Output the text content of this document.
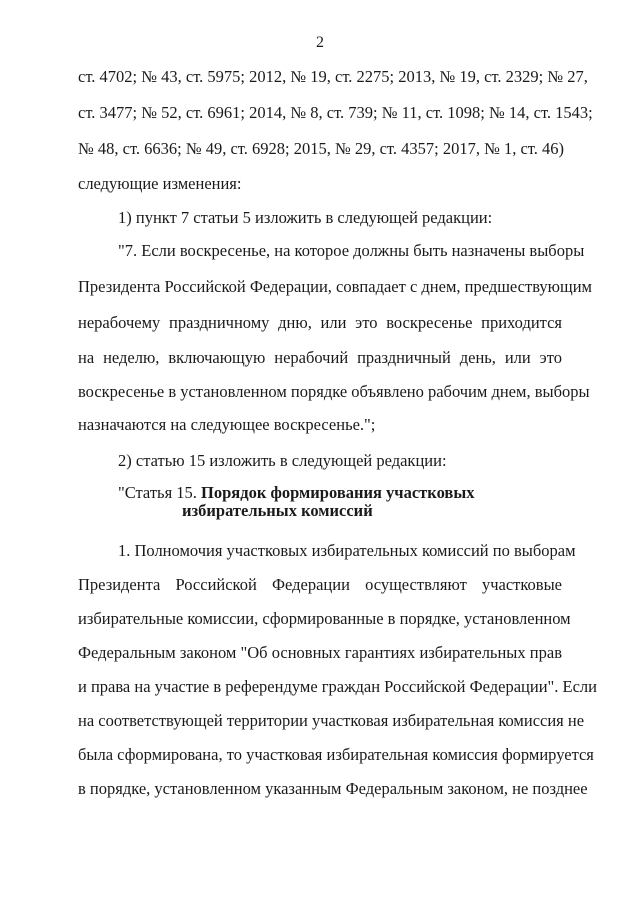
2
ст. 4702; № 43, ст. 5975; 2012, № 19, ст. 2275; 2013, № 19, ст. 2329; № 27,
ст. 3477; № 52, ст. 6961; 2014, № 8, ст. 739; № 11, ст. 1098; № 14, ст. 1543;
№ 48, ст. 6636; № 49, ст. 6928; 2015, № 29, ст. 4357; 2017, № 1, ст. 46)
следующие изменения:
1) пункт 7 статьи 5 изложить в следующей редакции:
"7. Если воскресенье, на которое должны быть назначены выборы
Президента Российской Федерации, совпадает с днем, предшествующим
нерабочему праздничному дню, или это воскресенье приходится
на неделю, включающую нерабочий праздничный день, или это
воскресенье в установленном порядке объявлено рабочим днем, выборы
назначаются на следующее воскресенье.";
2) статью 15 изложить в следующей редакции:
"Статья 15. Порядок формирования участковых
избирательных комиссий
1. Полномочия участковых избирательных комиссий по выборам
Президента Российской Федерации осуществляют участковые
избирательные комиссии, сформированные в порядке, установленном
Федеральным законом "Об основных гарантиях избирательных прав
и права на участие в референдуме граждан Российской Федерации". Если
на соответствующей территории участковая избирательная комиссия не
была сформирована, то участковая избирательная комиссия формируется
в порядке, установленном указанным Федеральным законом, не позднее
